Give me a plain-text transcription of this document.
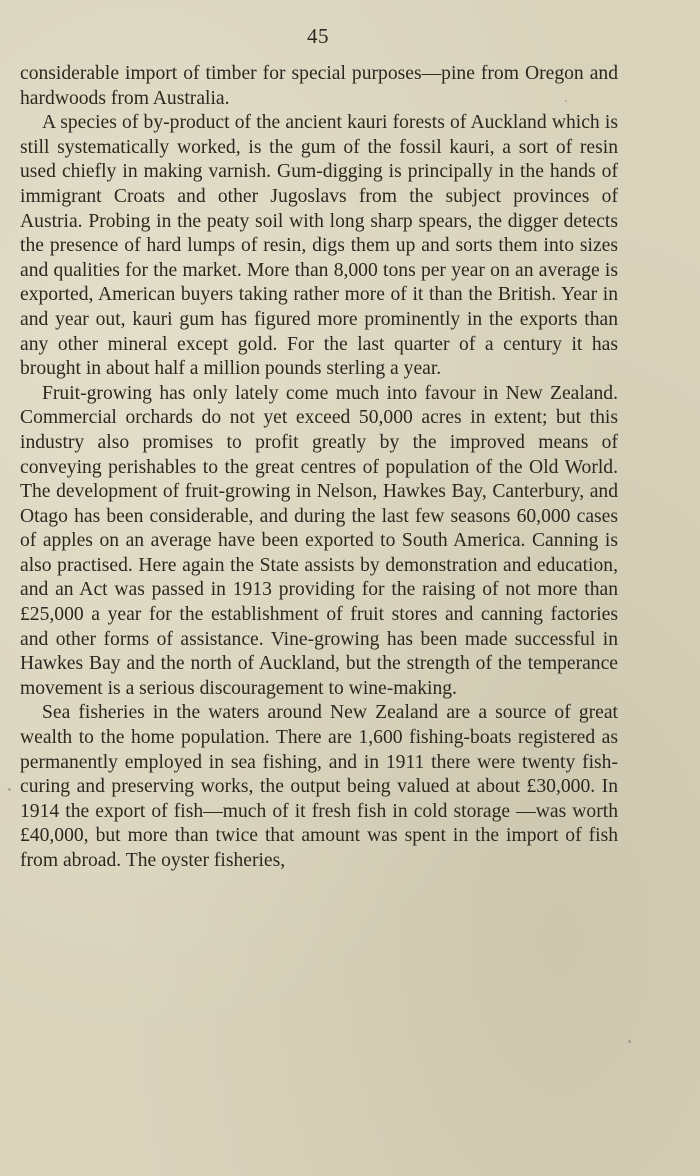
45

considerable import of timber for special purposes—pine from Oregon and hardwoods from Australia.

A species of by-product of the ancient kauri forests of Auckland which is still systematically worked, is the gum of the fossil kauri, a sort of resin used chiefly in making varnish. Gum-digging is principally in the hands of immigrant Croats and other Jugoslavs from the subject provinces of Austria. Probing in the peaty soil with long sharp spears, the digger detects the presence of hard lumps of resin, digs them up and sorts them into sizes and qualities for the market. More than 8,000 tons per year on an average is exported, American buyers taking rather more of it than the British. Year in and year out, kauri gum has figured more prominently in the exports than any other mineral except gold. For the last quarter of a century it has brought in about half a million pounds sterling a year.

Fruit-growing has only lately come much into favour in New Zealand. Commercial orchards do not yet exceed 50,000 acres in extent; but this industry also promises to profit greatly by the improved means of conveying perishables to the great centres of population of the Old World. The development of fruit-growing in Nelson, Hawkes Bay, Canterbury, and Otago has been considerable, and during the last few seasons 60,000 cases of apples on an average have been exported to South America. Canning is also practised. Here again the State assists by demonstration and education, and an Act was passed in 1913 providing for the raising of not more than £25,000 a year for the establishment of fruit stores and canning factories and other forms of assistance. Vine-growing has been made successful in Hawkes Bay and the north of Auckland, but the strength of the temperance movement is a serious discouragement to wine-making.

Sea fisheries in the waters around New Zealand are a source of great wealth to the home population. There are 1,600 fishing-boats registered as permanently employed in sea fishing, and in 1911 there were twenty fish-curing and preserving works, the output being valued at about £30,000. In 1914 the export of fish—much of it fresh fish in cold storage —was worth £40,000, but more than twice that amount was spent in the import of fish from abroad. The oyster fisheries,
